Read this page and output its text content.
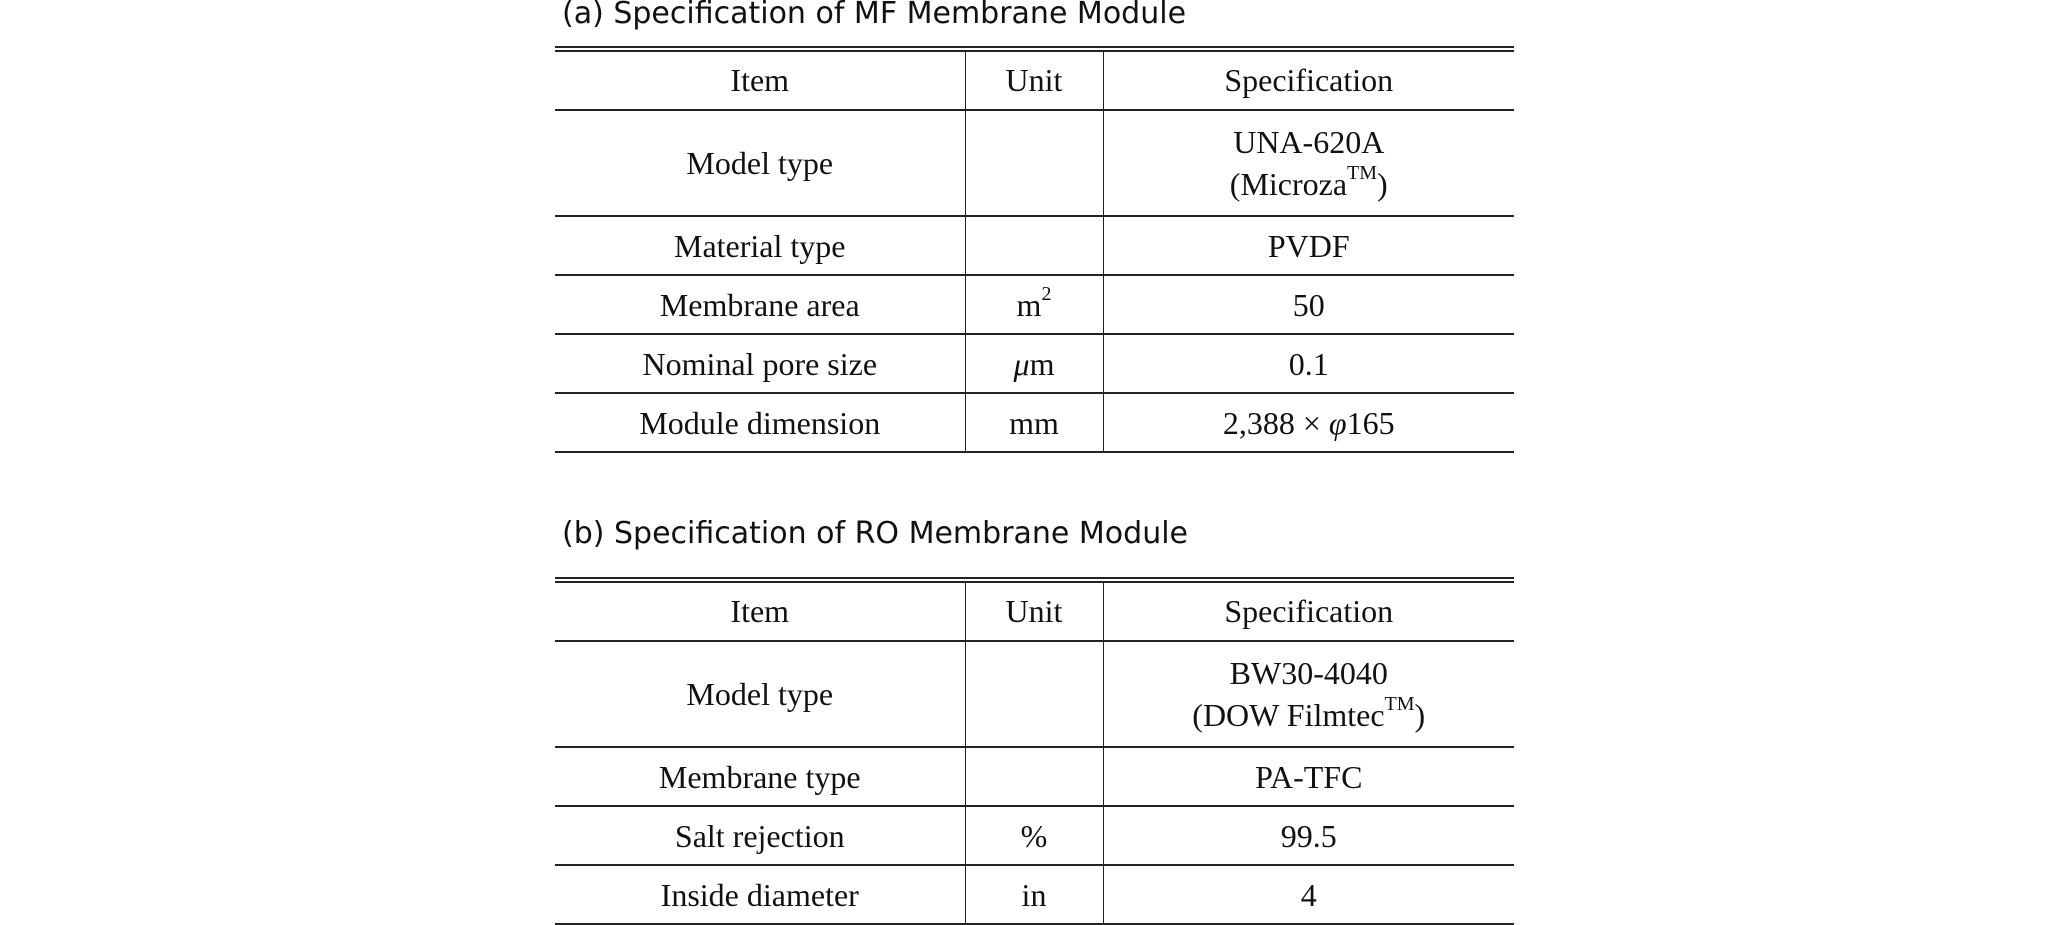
(a) Specification of MF Membrane Module
Item	Unit	Specification
Model type		UNA-620A
(Microza™)

Material type		PVDF
Membrane area	$m^2$	50
Nominal pore size	μm	0.1
Module dimension	mm	2,388 × φ165
(b) Specification of RO Membrane Module
Item	Unit	Specification
Model type		BW30-4040
(DOW Filmtec™)

Membrane type		PA-TFC
Salt rejection	%	99.5
Inside diameter	in	4
